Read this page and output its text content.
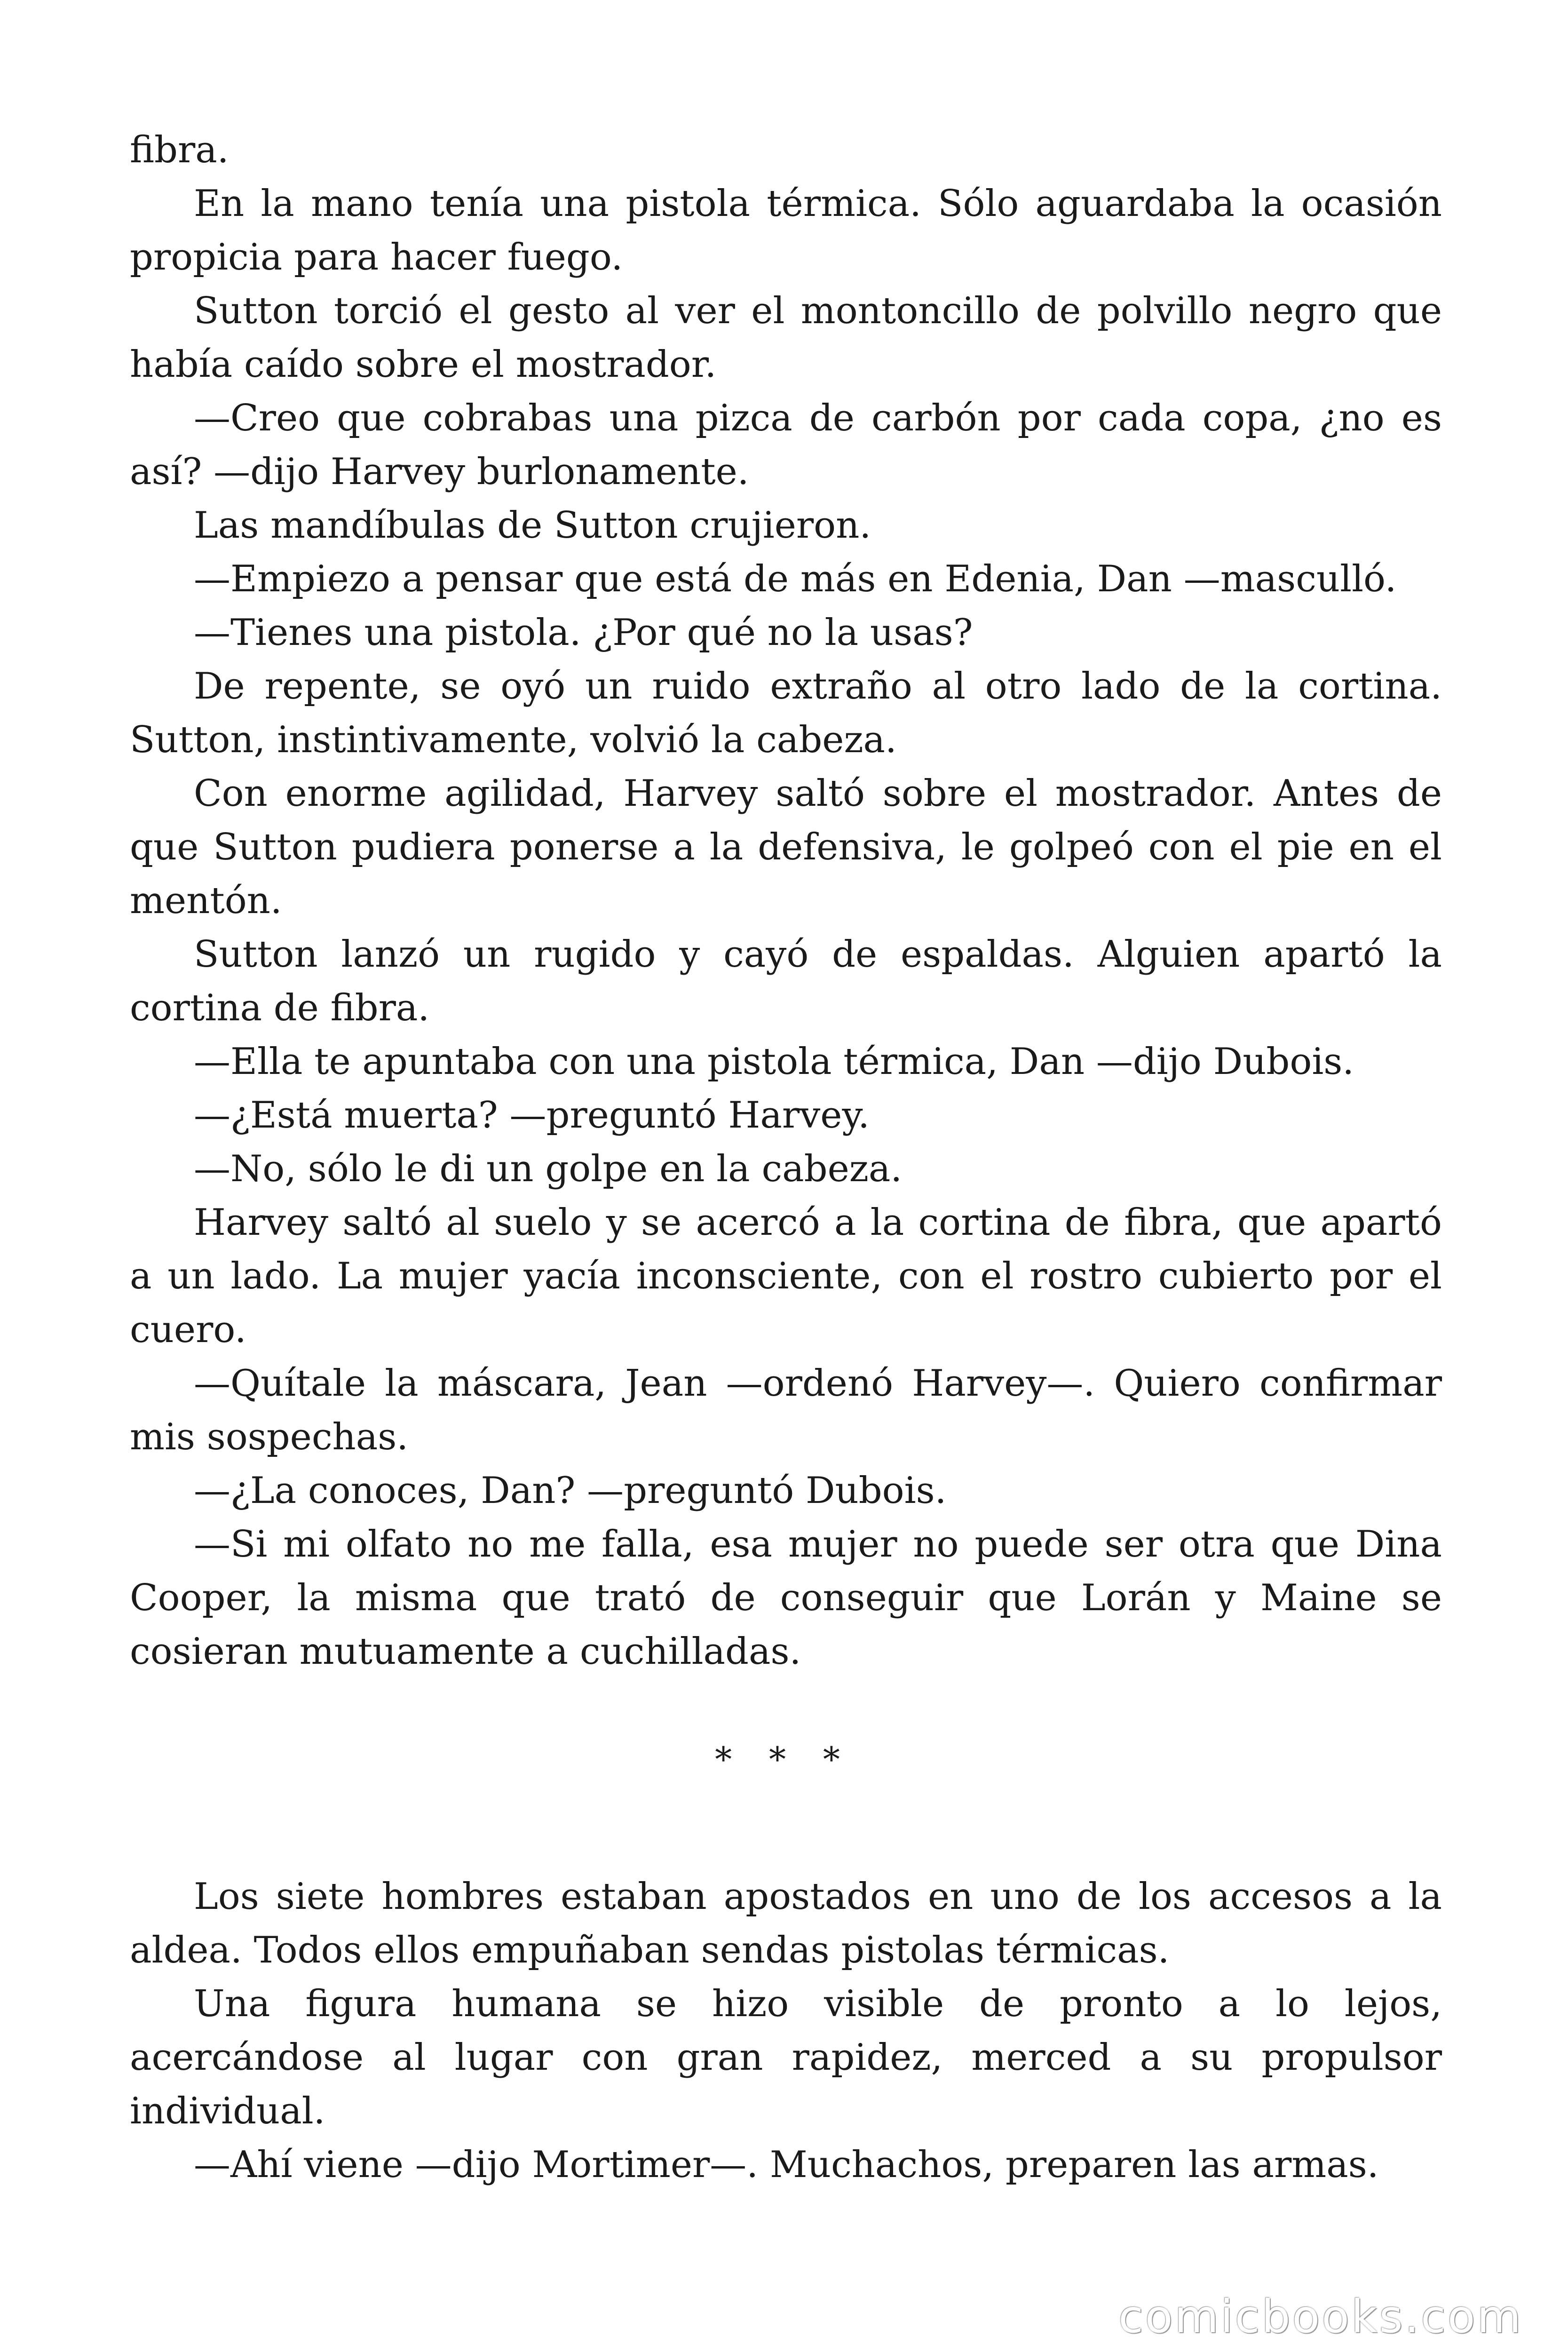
fibra.

En la mano tenía una pistola térmica. Sólo aguardaba la ocasión propicia para hacer fuego.

Sutton torció el gesto al ver el montoncillo de polvillo negro que había caído sobre el mostrador.

—Creo que cobrabas una pizca de carbón por cada copa, ¿no es así? —dijo Harvey burlonamente.

Las mandíbulas de Sutton crujieron.

—Empiezo a pensar que está de más en Edenia, Dan —masculló.

—Tienes una pistola. ¿Por qué no la usas?

De repente, se oyó un ruido extraño al otro lado de la cortina. Sutton, instintivamente, volvió la cabeza.

Con enorme agilidad, Harvey saltó sobre el mostrador. Antes de que Sutton pudiera ponerse a la defensiva, le golpeó con el pie en el mentón.

Sutton lanzó un rugido y cayó de espaldas. Alguien apartó la cortina de fibra.

—Ella te apuntaba con una pistola térmica, Dan —dijo Dubois.

—¿Está muerta? —preguntó Harvey.

—No, sólo le di un golpe en la cabeza.

Harvey saltó al suelo y se acercó a la cortina de fibra, que apartó a un lado. La mujer yacía inconsciente, con el rostro cubierto por el cuero.

—Quítale la máscara, Jean —ordenó Harvey—. Quiero confirmar mis sospechas.

—¿La conoces, Dan? —preguntó Dubois.

—Si mi olfato no me falla, esa mujer no puede ser otra que Dina Cooper, la misma que trató de conseguir que Lorán y Maine se cosieran mutuamente a cuchilladas.

* * *

Los siete hombres estaban apostados en uno de los accesos a la aldea. Todos ellos empuñaban sendas pistolas térmicas.

Una figura humana se hizo visible de pronto a lo lejos, acercándose al lugar con gran rapidez, merced a su propulsor individual.

—Ahí viene —dijo Mortimer—. Muchachos, preparen las armas.

comicbooks.com
